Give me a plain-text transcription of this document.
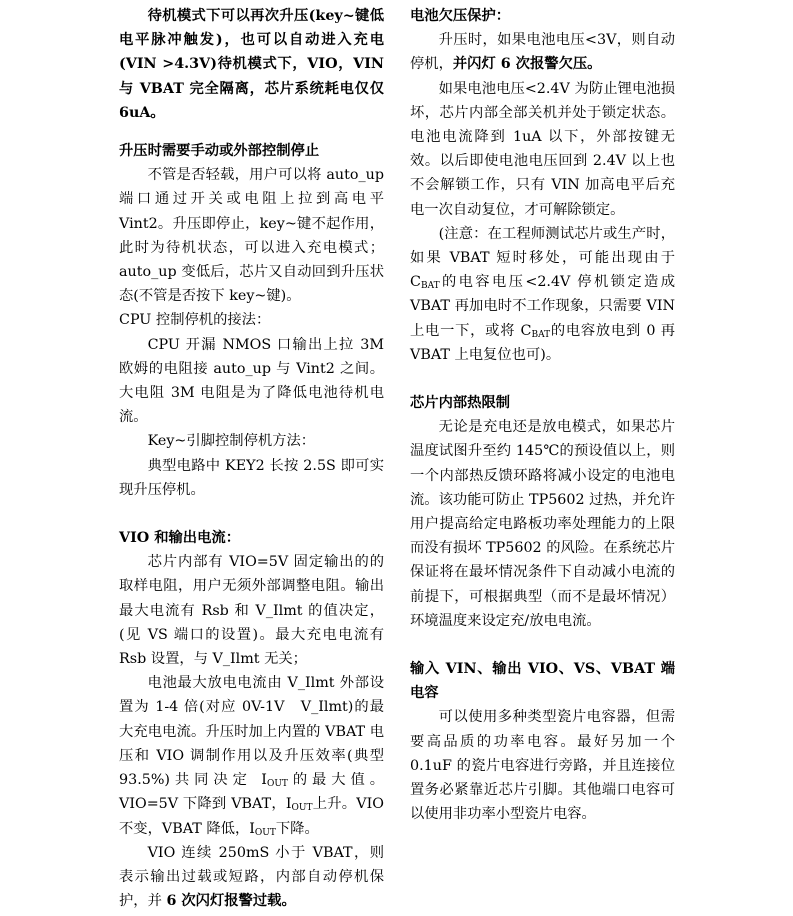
待机模式下可以再次升压(key~键低电平脉冲触发)，也可以自动进入充电(VIN >4.3V)待机模式下，VIO，VIN与 VBAT 完全隔离，芯片系统耗电仅仅 6uA。

升压时需要手动或外部控制停止

不管是否轻载，用户可以将 auto_up 端口通过开关或电阻上拉到高电平 Vint2。升压即停止，key~键不起作用，此时为待机状态，可以进入充电模式；auto_up 变低后，芯片又自动回到升压状态(不管是否按下 key~键)。

CPU 控制停机的接法：

CPU 开漏 NMOS 口输出上拉 3M 欧姆的电阻接 auto_up 与 Vint2 之间。大电阻 3M 电阻是为了降低电池待机电流。

Key~引脚控制停机方法：

典型电路中 KEY2 长按 2.5S 即可实现升压停机。

VIO 和输出电流：

芯片内部有 VIO=5V 固定输出的的取样电阻，用户无须外部调整电阻。输出最大电流有 Rsb 和 V_Ilmt 的值决定，(见 VS 端口的设置)。最大充电电流有 Rsb 设置，与 V_Ilmt 无关；

电池最大放电电流由 V_Ilmt 外部设置为 1-4 倍(对应 0V-1V　V_Ilmt)的最大充电电流。升压时加上内置的 VBAT 电压和 VIO 调制作用以及升压效率(典型 93.5%)共同决定 $I_{OUT}$的最大值。VIO=5V 下降到 VBAT，$I_{OUT}$上升。VIO 不变，VBAT 降低，$I_{OUT}$下降。

VIO 连续 250mS 小于 VBAT，则表示输出过载或短路，内部自动停机保护，并 6 次闪灯报警过载。

电池欠压保护：

升压时，如果电池电压<3V，则自动停机，并闪灯 6 次报警欠压。

如果电池电压<2.4V 为防止锂电池损坏，芯片内部全部关机并处于锁定状态。电池电流降到 1uA 以下，外部按键无效。以后即使电池电压回到 2.4V 以上也不会解锁工作，只有 VIN 加高电平后充电一次自动复位，才可解除锁定。

(注意：在工程师测试芯片或生产时，如果 VBAT 短时移处，可能出现由于 $C_{BAT}$的电容电压<2.4V 停机锁定造成 VBAT 再加电时不工作现象，只需要 VIN 上电一下，或将 $C_{BAT}$的电容放电到 0 再 VBAT 上电复位也可)。

芯片内部热限制

无论是充电还是放电模式，如果芯片温度试图升至约 145℃的预设值以上，则一个内部热反馈环路将减小设定的电池电流。该功能可防止 TP5602 过热，并允许用户提高给定电路板功率处理能力的上限而没有损坏 TP5602 的风险。在系统芯片保证将在最坏情况条件下自动减小电流的前提下，可根据典型（而不是最坏情况）环境温度来设定充/放电电流。

输入 VIN、输出 VIO、VS、VBAT 端电容

可以使用多种类型瓷片电容器，但需要高品质的功率电容。最好另加一个 0.1uF 的瓷片电容进行旁路，并且连接位置务必紧靠近芯片引脚。其他端口电容可以使用非功率小型瓷片电容。
